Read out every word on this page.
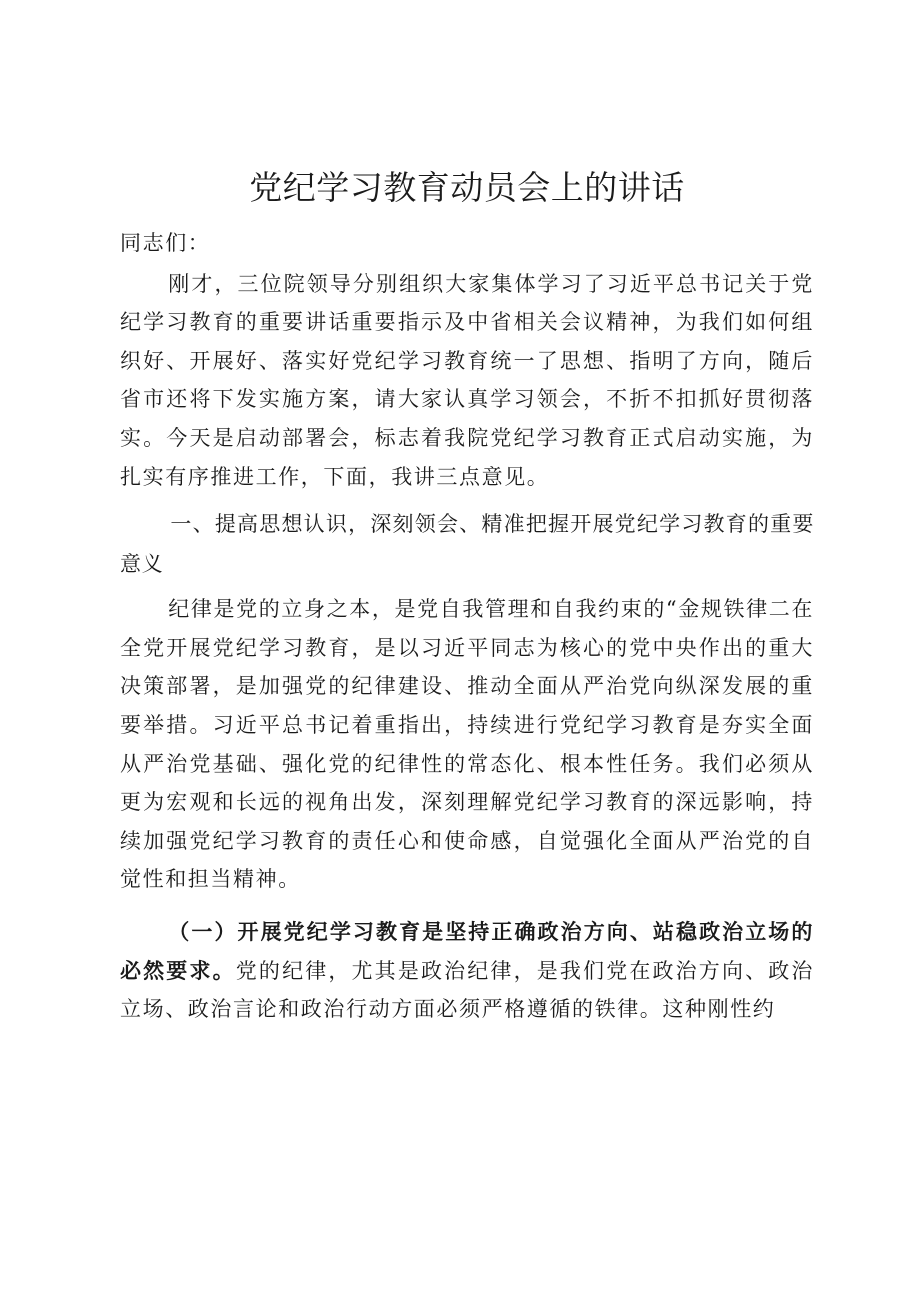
党纪学习教育动员会上的讲话

同志们：

刚才，三位院领导分别组织大家集体学习了习近平总书记关于党纪学习教育的重要讲话重要指示及中省相关会议精神，为我们如何组织好、开展好、落实好党纪学习教育统一了思想、指明了方向，随后省市还将下发实施方案，请大家认真学习领会，不折不扣抓好贯彻落实。今天是启动部署会，标志着我院党纪学习教育正式启动实施，为扎实有序推进工作，下面，我讲三点意见。

一、提高思想认识，深刻领会、精准把握开展党纪学习教育的重要意义

纪律是党的立身之本，是党自我管理和自我约束的“金规铁律二在全党开展党纪学习教育，是以习近平同志为核心的党中央作出的重大决策部署，是加强党的纪律建设、推动全面从严治党向纵深发展的重要举措。习近平总书记着重指出，持续进行党纪学习教育是夯实全面从严治党基础、强化党的纪律性的常态化、根本性任务。我们必须从更为宏观和长远的视角出发，深刻理解党纪学习教育的深远影响，持续加强党纪学习教育的责任心和使命感，自觉强化全面从严治党的自觉性和担当精神。

（一）开展党纪学习教育是坚持正确政治方向、站稳政治立场的必然要求。党的纪律，尤其是政治纪律，是我们党在政治方向、政治立场、政治言论和政治行动方面必须严格遵循的铁律。这种刚性约
